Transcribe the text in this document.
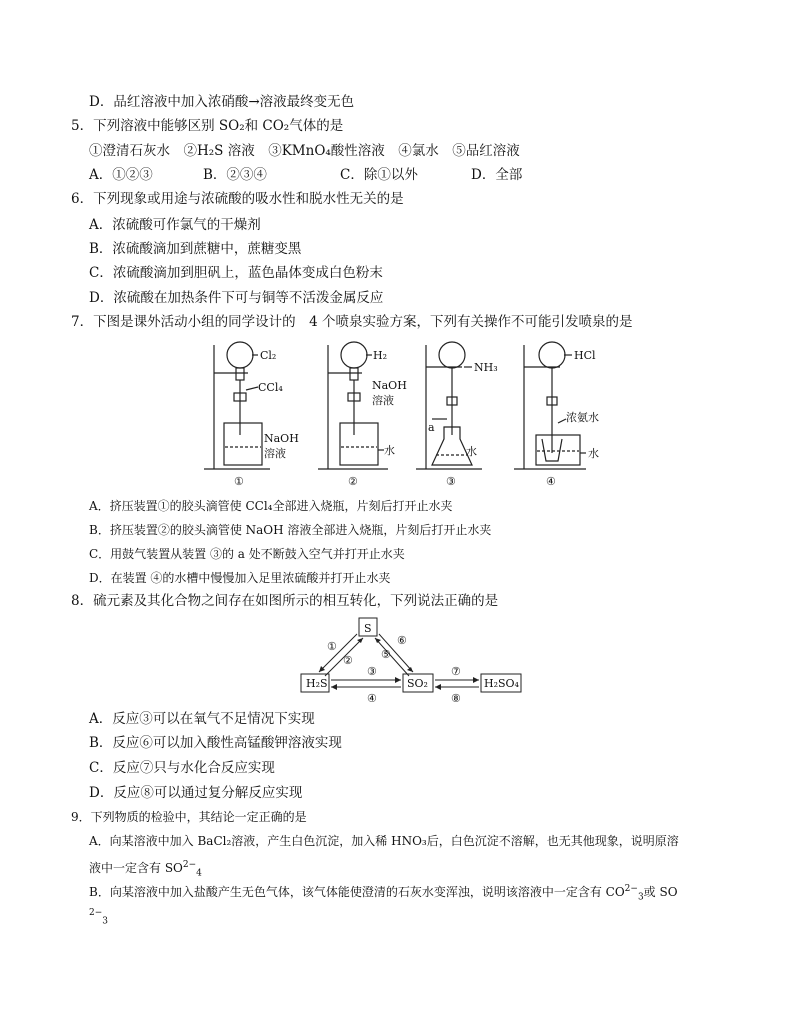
D．品红溶液中加入浓硝酸→溶液最终变无色
5．下列溶液中能够区别 SO₂和 CO₂气体的是
①澄清石灰水　②H₂S 溶液　③KMnO₄酸性溶液　④氯水　⑤品红溶液
A．①②③	B．②③④	C．除①以外	D．全部
6．下列现象或用途与浓硫酸的吸水性和脱水性无关的是
A．浓硫酸可作氯气的干燥剂
B．浓硫酸滴加到蔗糖中，蔗糖变黑
C．浓硫酸滴加到胆矾上，蓝色晶体变成白色粉末
D．浓硫酸在加热条件下可与铜等不活泼金属反应
7．下图是课外活动小组的同学设计的　4 个喷泉实验方案，下列有关操作不可能引发喷泉的是
Cl₂
CCl₄
NaOH
溶液
H₂
NaOH
溶液
水
NH₃
a
水
HCl
浓氨水
水
①	②	③	④
A．挤压装置①的胶头滴管使 CCl₄全部进入烧瓶，片刻后打开止水夹
B．挤压装置②的胶头滴管使 NaOH 溶液全部进入烧瓶，片刻后打开止水夹
C．用鼓气装置从装置 ③的 a 处不断鼓入空气并打开止水夹
D．在装置 ④的水槽中慢慢加入足里浓硫酸并打开止水夹
8．硫元素及其化合物之间存在如图所示的相互转化，下列说法正确的是
S
H₂S	SO₂	H₂SO₄
①
②
③
④
⑤
⑥
⑦
⑧
A．反应③可以在氧气不足情况下实现
B．反应⑥可以加入酸性高锰酸钾溶液实现
C．反应⑦只与水化合反应实现
D．反应⑧可以通过复分解反应实现
9．下列物质的检验中，其结论一定正确的是
A．向某溶液中加入 BaCl₂溶液，产生白色沉淀，加入稀 HNO₃后，白色沉淀不溶解，也无其他现象，说明原溶
液中一定含有 $SO^{2-}_4$
B．向某溶液中加入盐酸产生无色气体，该气体能使澄清的石灰水变浑浊，说明该溶液中一定含有 $CO^{2-}_3$或 SO
$^{2-}_3$
